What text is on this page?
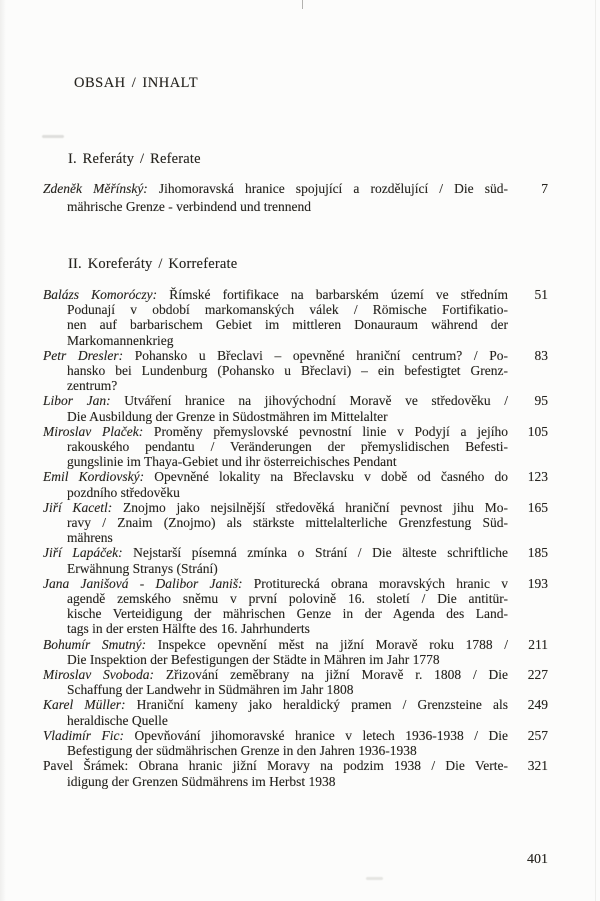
OBSAH / INHALT
I. Referáty / Referate
Zdeněk Měřínský: Jihomoravská hranice spojující a rozdělující / Die süd-
mährische Grenze - verbindend und trennend
7
II. Koreferáty / Korreferate
Balázs Komoróczy: Římské fortifikace na barbarském území ve středním
Podunají v období markomanských válek / Römische Fortifikatio-
nen auf barbarischem Gebiet im mittleren Donauraum während der
Markomannenkrieg
51
Petr Dresler: Pohansko u Břeclavi – opevněné hraniční centrum? / Po-
hansko bei Lundenburg (Pohansko u Břeclavi) – ein befestigtet Grenz-
zentrum?
83
Libor Jan: Utváření hranice na jihovýchodní Moravě ve středověku /
Die Ausbildung der Grenze in Südostmähren im Mittelalter
95
Miroslav Plaček: Proměny přemyslovské pevnostní linie v Podyjí a jejího
rakouského pendantu / Veränderungen der přemyslidischen Befesti-
gungslinie im Thaya-Gebiet und ihr österreichisches Pendant
105
Emil Kordiovský: Opevněné lokality na Břeclavsku v době od časného do
pozdního středověku
123
Jiří Kacetl: Znojmo jako nejsilnější středověká hraniční pevnost jihu Mo-
ravy / Znaim (Znojmo) als stärkste mittelalterliche Grenzfestung Süd-
mährens
165
Jiří Lapáček: Nejstarší písemná zmínka o Strání / Die älteste schriftliche
Erwähnung Stranys (Strání)
185
Jana Janišová - Dalibor Janiš: Protiturecká obrana moravských hranic v
agendě zemského sněmu v první polovině 16. století / Die antitür-
kische Verteidigung der mährischen Genze in der Agenda des Land-
tags in der ersten Hälfte des 16. Jahrhunderts
193
Bohumír Smutný: Inspekce opevnění měst na jižní Moravě roku 1788 /
Die Inspektion der Befestigungen der Städte in Mähren im Jahr 1778
211
Miroslav Svoboda: Zřizování zeměbrany na jižní Moravě r. 1808 / Die
Schaffung der Landwehr in Südmähren im Jahr 1808
227
Karel Müller: Hraniční kameny jako heraldický pramen / Grenzsteine als
heraldische Quelle
249
Vladimír Fic: Opevňování jihomoravské hranice v letech 1936-1938 / Die
Befestigung der südmährischen Grenze in den Jahren 1936-1938
257
Pavel Šrámek: Obrana hranic jižní Moravy na podzim 1938 / Die Verte-
idigung der Grenzen Südmährens im Herbst 1938
321
401
